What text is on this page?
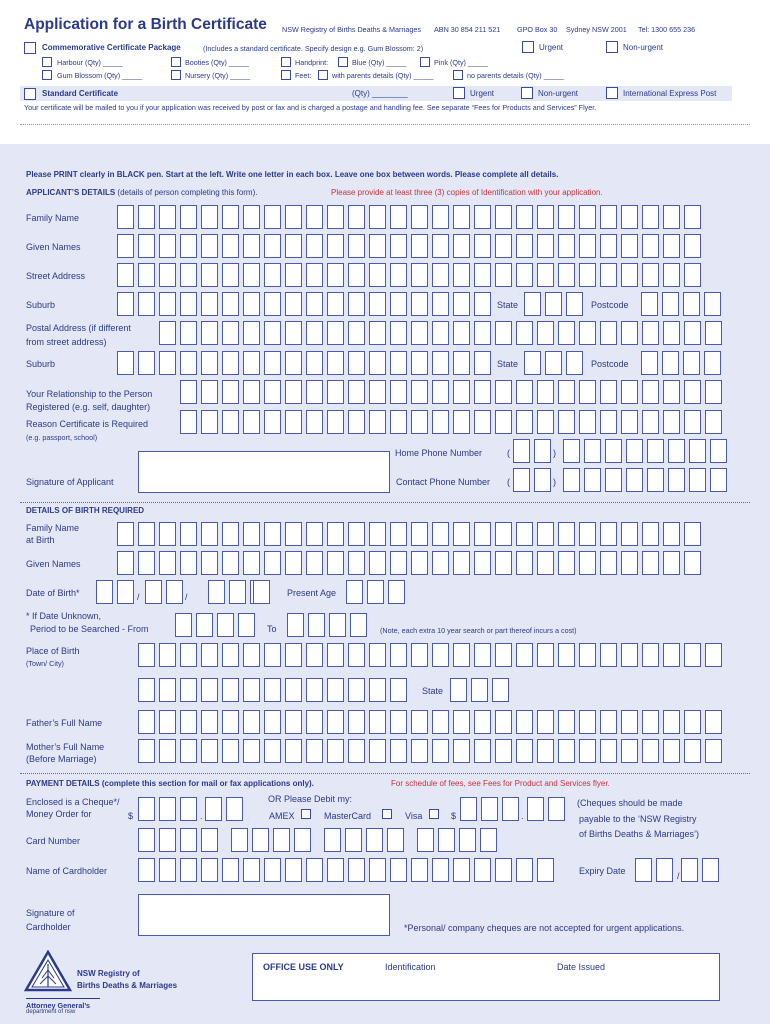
Application for a Birth Certificate NSW Registry of Births Deaths & Marriages ABN 30 854 211 521 GPO Box 30 Sydney NSW 2001 Tel: 1300 655 236
Commemorative Certificate Package	(Includes a standard certificate. Specify design e.g. Gum Blossom: 2)	Urgent	Non-urgent
Harbour (Qty) _____	Booties (Qty) _____	Handprint:	Blue (Qty) _____	Pink (Qty) _____
Gum Blossom (Qty) _____	Nursery (Qty) _____	Feet:	with parents details (Qty) _____	no parents details (Qty) _____
Standard Certificate	(Qty) ________	Urgent	Non-urgent	International Express Post
Your certificate will be mailed to you if your application was received by post or fax and is charged a postage and handling fee. See separate “Fees for Products and Services” Flyer.
Please PRINT clearly in BLACK pen. Start at the left. Write one letter in each box. Leave one box between words. Please complete all details.
APPLICANT’S DETAILS (details of person completing this form).	Please provide at least three (3) copies of Identification with your application.
Family Name
Given Names
Street Address
Suburb	State	Postcode
Postal Address (if different
from street address)
Suburb	State	Postcode
Your Relationship to the Person
Registered (e.g. self, daughter)
Reason Certificate is Required
(e.g. passport, school)
Home Phone Number	(	)
Contact Phone Number (	)
Signature of Applicant
DETAILS OF BIRTH REQUIRED
Family Name
at Birth
Given Names
Date of Birth*	/	/	Present Age
* If Date Unknown,
Period to be Searched - From	To	(Note, each extra 10 year search or part thereof incurs a cost)
Place of Birth
(Town/ City)
State
Father’s Full Name
Mother’s Full Name
(Before Marriage)
PAYMENT DETAILS (complete this section for mail or fax applications only).	For schedule of fees, see Fees for Product and Services flyer.
Enclosed is a Cheque*/
Money Order for	$	.
OR Please Debit my:
AMEX	MasterCard	Visa	$	.
(Cheques should be made
payable to the ‘NSW Registry
of Births Deaths & Marriages’)
Card Number
Name of Cardholder	Expiry Date	/
Signature of
Cardholder	*Personal/ company cheques are not accepted for urgent applications.
NSW Registry of
Births Deaths & Marriages
Attorney General’s
department of nsw
OFFICE USE ONLY	Identification	Date Issued
